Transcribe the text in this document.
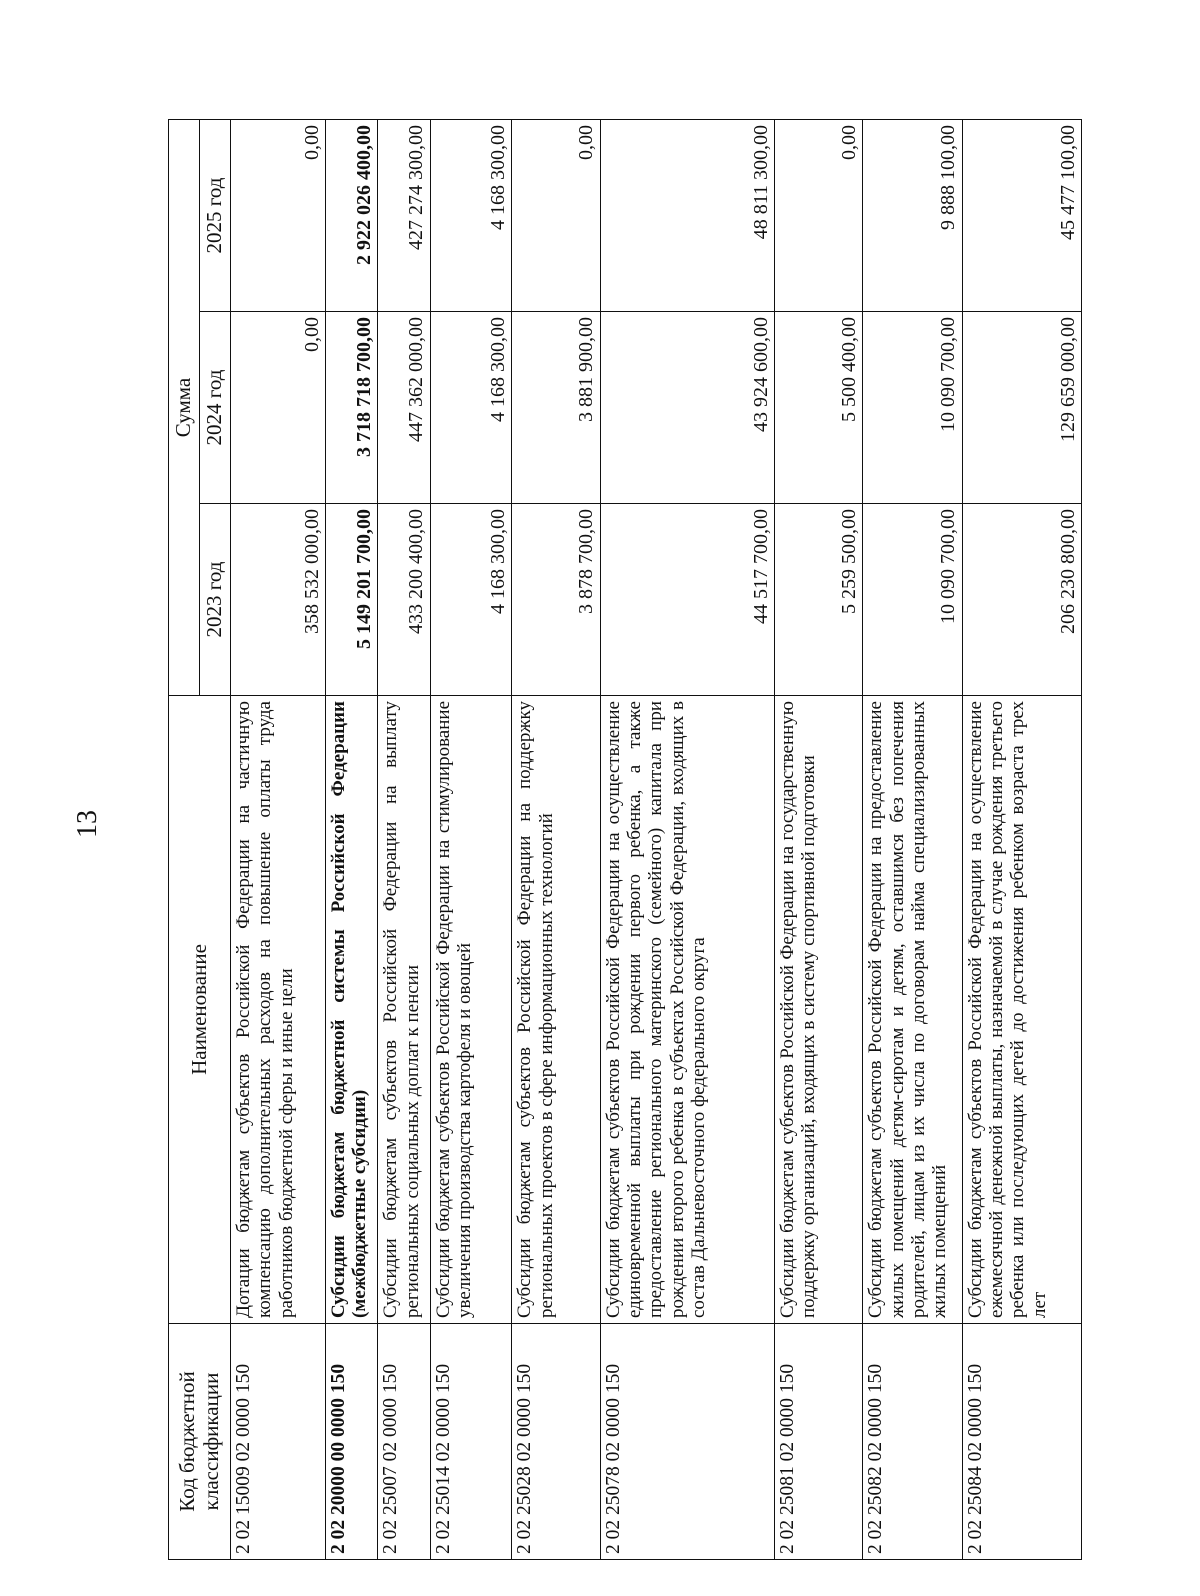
13
Код бюджетной классификации	Наименование	Сумма		
		2023 год	2024 год	2025 год
2 02 15009 02 0000 150	Дотации бюджетам субъектов Российской Федерации на частичную компенсацию дополнительных расходов на повышение оплаты труда работников бюджетной сферы и иные цели	358 532 000,00	0,00	0,00
2 02 20000 00 0000 150	Субсидии бюджетам бюджетной системы Российской Федерации (межбюджетные субсидии)	5 149 201 700,00	3 718 718 700,00	2 922 026 400,00
2 02 25007 02 0000 150	Субсидии бюджетам субъектов Российской Федерации на выплату региональных социальных доплат к пенсии	433 200 400,00	447 362 000,00	427 274 300,00
2 02 25014 02 0000 150	Субсидии бюджетам субъектов Российской Федерации на стимулирование увеличения производства картофеля и овощей	4 168 300,00	4 168 300,00	4 168 300,00
2 02 25028 02 0000 150	Субсидии бюджетам субъектов Российской Федерации на поддержку региональных проектов в сфере информационных технологий	3 878 700,00	3 881 900,00	0,00
2 02 25078 02 0000 150	Субсидии бюджетам субъектов Российской Федерации на осуществление единовременной выплаты при рождении первого ребенка, а также предоставление регионального материнского (семейного) капитала при рождении второго ребенка в субъектах Российской Федерации, входящих в состав Дальневосточного федерального округа	44 517 700,00	43 924 600,00	48 811 300,00
2 02 25081 02 0000 150	Субсидии бюджетам субъектов Российской Федерации на государственную поддержку организаций, входящих в систему спортивной подготовки	5 259 500,00	5 500 400,00	0,00
2 02 25082 02 0000 150	Субсидии бюджетам субъектов Российской Федерации на предоставление жилых помещений детям-сиротам и детям, оставшимся без попечения родителей, лицам из их числа по договорам найма специализированных жилых помещений	10 090 700,00	10 090 700,00	9 888 100,00
2 02 25084 02 0000 150	Субсидии бюджетам субъектов Российской Федерации на осуществление ежемесячной денежной выплаты, назначаемой в случае рождения третьего ребенка или последующих детей до достижения ребенком возраста трех лет	206 230 800,00	129 659 000,00	45 477 100,00
